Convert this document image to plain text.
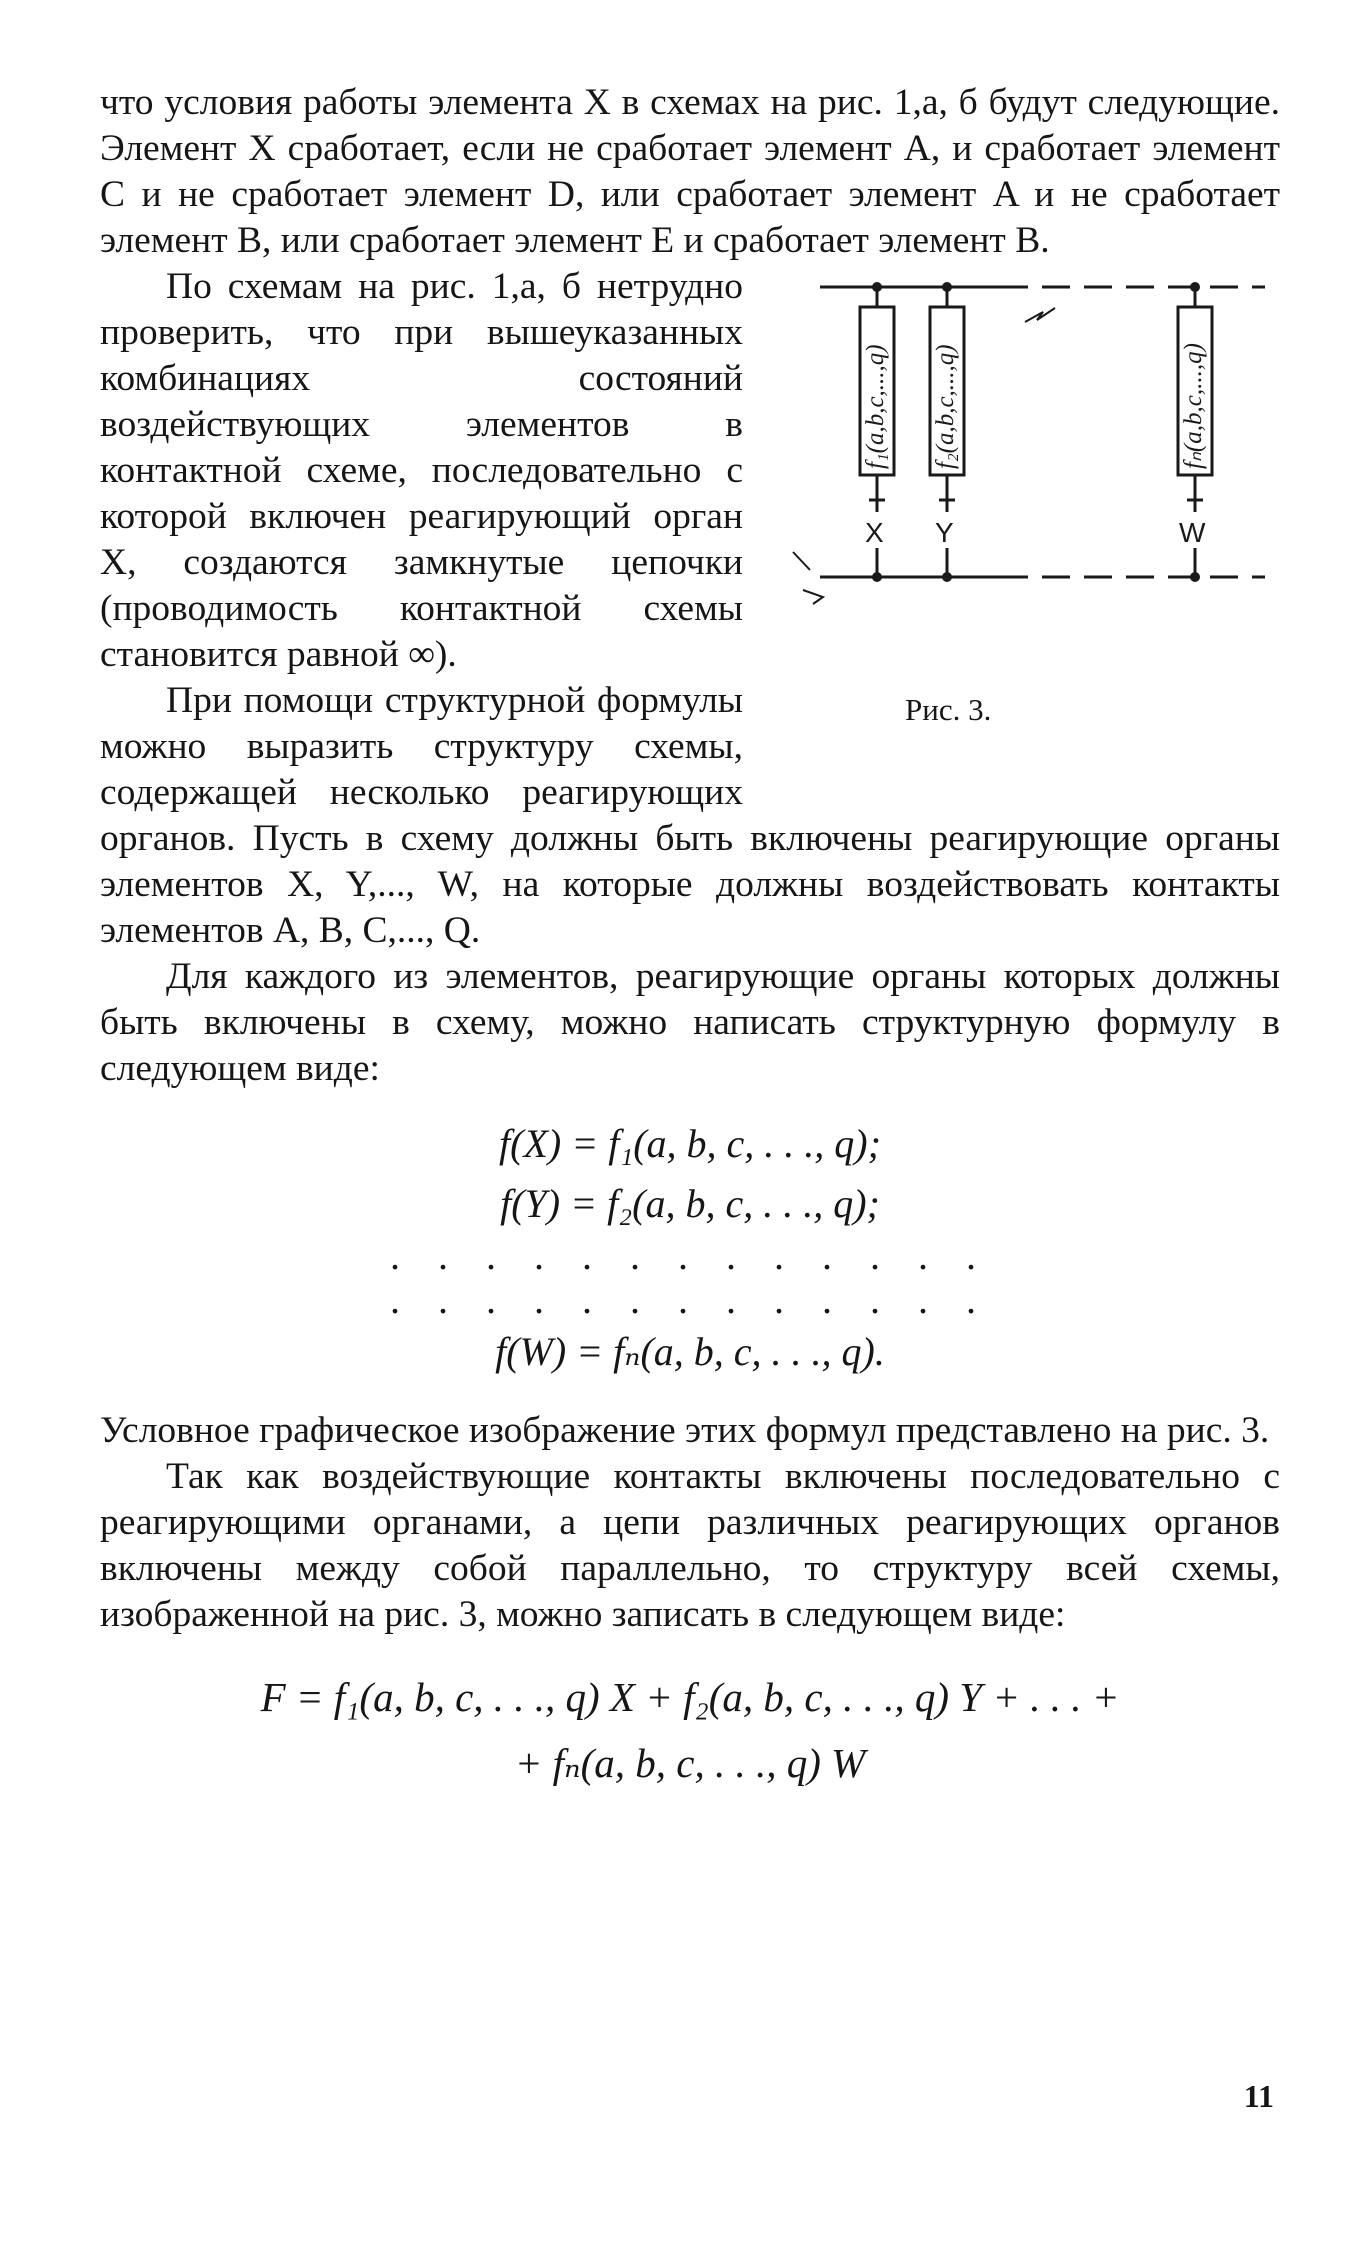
что условия работы элемента X в схемах на рис. 1,а, б будут следующие. Элемент X сработает, если не сработает элемент A, и сработает элемент C и не сработает элемент D, или сработает элемент A и не сработает элемент B, или сработает элемент E и сработает элемент B.

f₁(a,b,c,...,q)
X
f₂(a,b,c,...,q)
Y
fₙ(a,b,c,...,q)
W
Рис. 3.

По схемам на рис. 1,а, б нетрудно проверить, что при вышеуказанных комбинациях состояний воздействующих элементов в контактной схеме, последовательно с которой включен реагирующий орган X, создаются замкнутые цепочки (проводимость контактной схемы становится равной ∞).

При помощи структурной формулы можно выразить структуру схемы, содержащей несколько реагирующих органов. Пусть в схему должны быть включены реагирующие органы элементов X, Y,..., W, на которые должны воздействовать контакты элементов A, B, C,..., Q.

Для каждого из элементов, реагирующие органы которых должны быть включены в схему, можно написать структурную формулу в следующем виде:

f(X) = f₁(a, b, c, . . ., q);
f(Y) = f₂(a, b, c, . . ., q);
. . . . . . . . . . . . .
. . . . . . . . . . . . .
f(W) = fₙ(a, b, c, . . ., q).

Условное графическое изображение этих формул представлено на рис. 3.

Так как воздействующие контакты включены последовательно с реагирующими органами, а цепи различных реагирующих органов включены между собой параллельно, то структуру всей схемы, изображенной на рис. 3, можно записать в следующем виде:

F = f₁(a, b, c, . . ., q) X + f₂(a, b, c, . . ., q) Y + . . . +
+ fₙ(a, b, c, . . ., q) W
11
